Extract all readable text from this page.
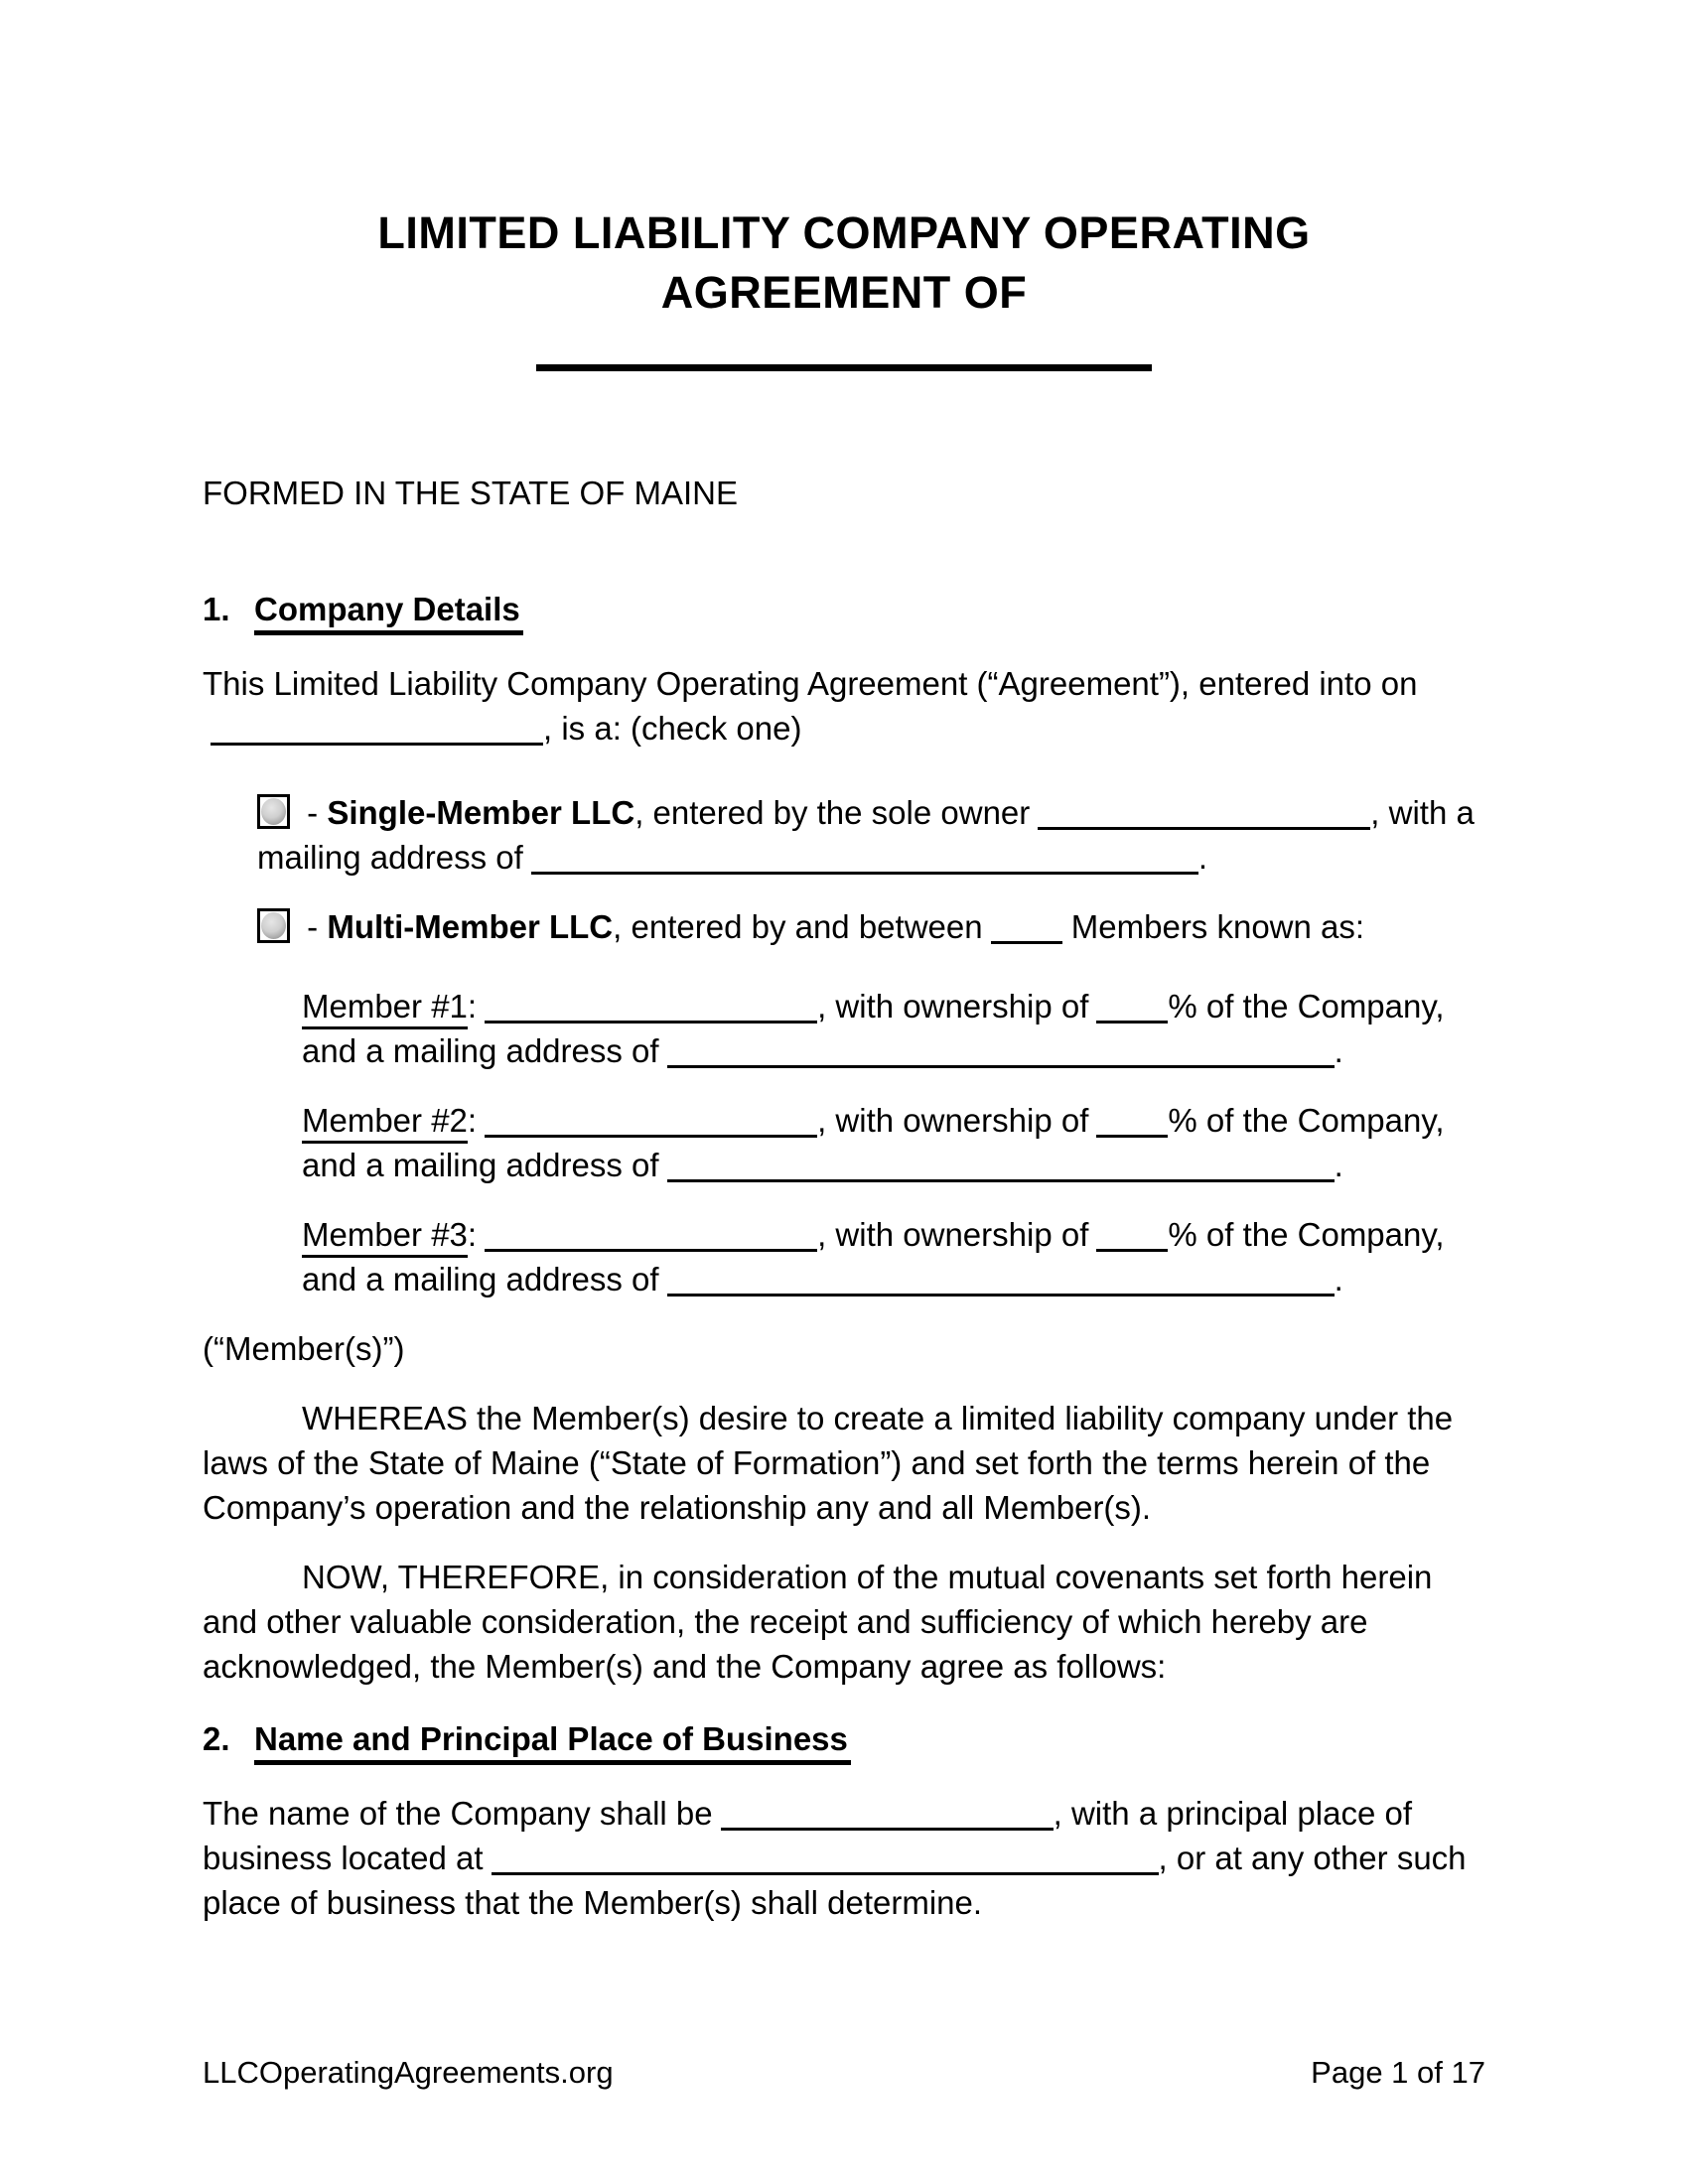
LIMITED LIABILITY COMPANY OPERATING
AGREEMENT OF

FORMED IN THE STATE OF MAINE

1. Company Details

This Limited Liability Company Operating Agreement (“Agreement”), entered into on, is a: (check one)

- Single-Member LLC, entered by the sole owner	, with a mailing address of	.

- Multi-Member LLC, entered by and between Members known as:

Member #1:	, with ownership of % of the Company, and a mailing address of	.

Member #2:	, with ownership of % of the Company, and a mailing address of	.

Member #3:	, with ownership of % of the Company, and a mailing address of	.

(“Member(s)”)

WHEREAS the Member(s) desire to create a limited liability company under the laws of the State of Maine (“State of Formation”) and set forth the terms herein of the Company’s operation and the relationship any and all Member(s).

NOW, THEREFORE, in consideration of the mutual covenants set forth herein and other valuable consideration, the receipt and sufficiency of which hereby are acknowledged, the Member(s) and the Company agree as follows:

2. Name and Principal Place of Business

The name of the Company shall be	, with a principal place of business located at	, or at any other such place of business that the Member(s) shall determine.

LLCOperatingAgreements.org	Page 1 of 17
